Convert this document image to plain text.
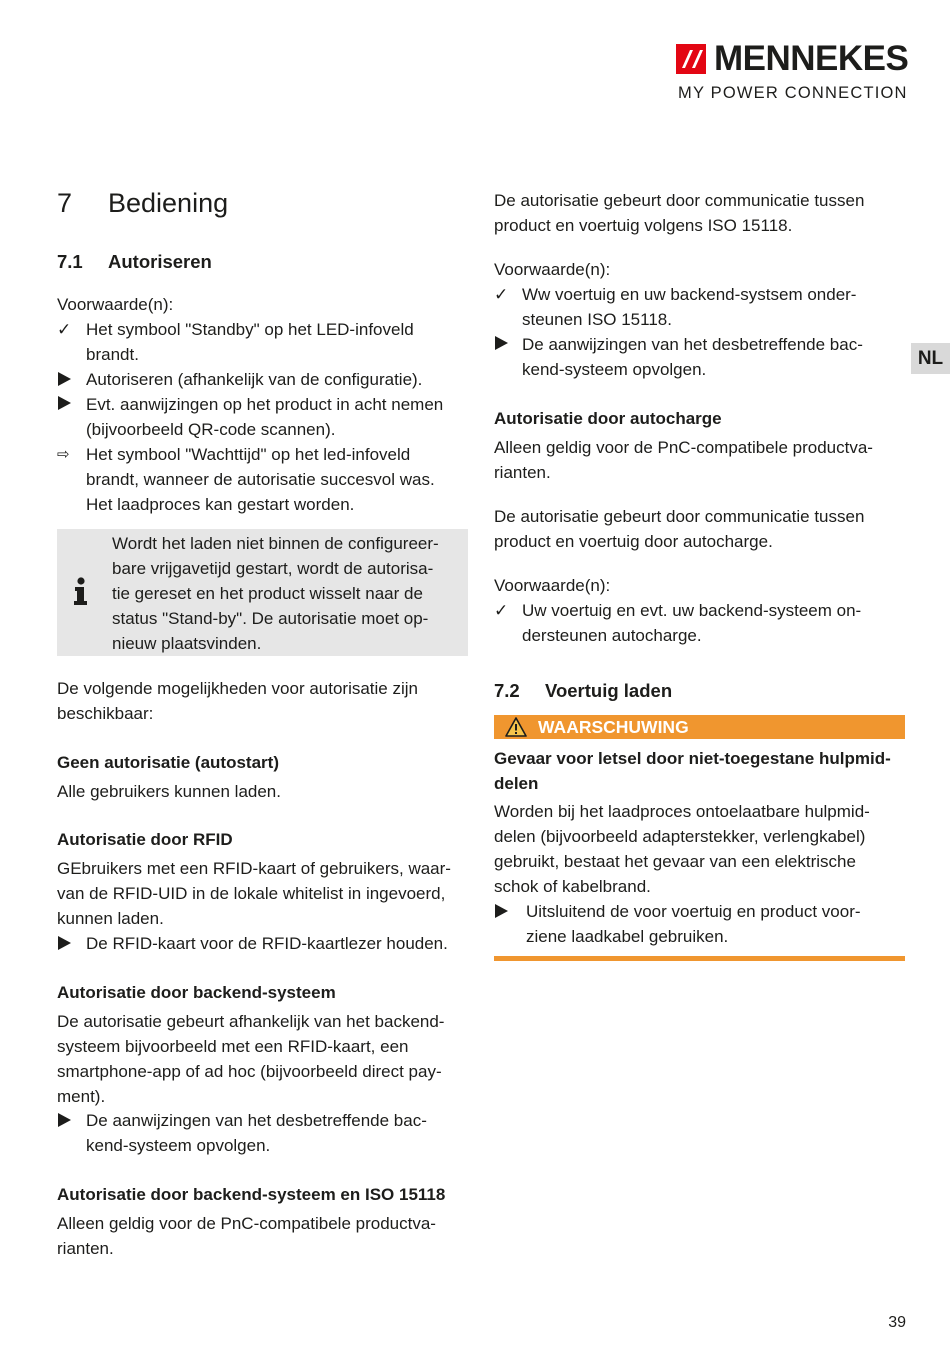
MENNEKES
MY POWER CONNECTION
NL
7 Bediening
7.1 Autoriseren
Voorwaarde(n):
✓ Het symbool "Standby" op het LED-infoveld
brandt.
Autoriseren (afhankelijk van de configuratie).
Evt. aanwijzingen op het product in acht nemen
(bijvoorbeeld QR-code scannen).
⇨ Het symbool "Wachttijd" op het led-infoveld
brandt, wanneer de autorisatie succesvol was.
Het laadproces kan gestart worden.
Wordt het laden niet binnen de configureer-
bare vrijgavetijd gestart, wordt de autorisa-
tie gereset en het product wisselt naar de
status "Stand-by". De autorisatie moet op-
nieuw plaatsvinden.
De volgende mogelijkheden voor autorisatie zijn
beschikbaar:
Geen autorisatie (autostart)
Alle gebruikers kunnen laden.
Autorisatie door RFID
GEbruikers met een RFID-kaart of gebruikers, waar-
van de RFID-UID in de lokale whitelist in ingevoerd,
kunnen laden.
De RFID-kaart voor de RFID-kaartlezer houden.
Autorisatie door backend-systeem
De autorisatie gebeurt afhankelijk van het backend-
systeem bijvoorbeeld met een RFID-kaart, een
smartphone-app of ad hoc (bijvoorbeeld direct pay-
ment).
De aanwijzingen van het desbetreffende bac-
kend-systeem opvolgen.
Autorisatie door backend-systeem en ISO 15118
Alleen geldig voor de PnC-compatibele productva-
rianten.
De autorisatie gebeurt door communicatie tussen
product en voertuig volgens ISO 15118.
Voorwaarde(n):
✓ Ww voertuig en uw backend-systsem onder-
steunen ISO 15118.
De aanwijzingen van het desbetreffende bac-
kend-systeem opvolgen.
Autorisatie door autocharge
Alleen geldig voor de PnC-compatibele productva-
rianten.
De autorisatie gebeurt door communicatie tussen
product en voertuig door autocharge.
Voorwaarde(n):
✓ Uw voertuig en evt. uw backend-systeem on-
dersteunen autocharge.
7.2 Voertuig laden
WAARSCHUWING
Gevaar voor letsel door niet-toegestane hulpmid-
delen
Worden bij het laadproces ontoelaatbare hulpmid-
delen (bijvoorbeeld adapterstekker, verlengkabel)
gebruikt, bestaat het gevaar van een elektrische
schok of kabelbrand.
Uitsluitend de voor voertuig en product voor-
ziene laadkabel gebruiken.
39
